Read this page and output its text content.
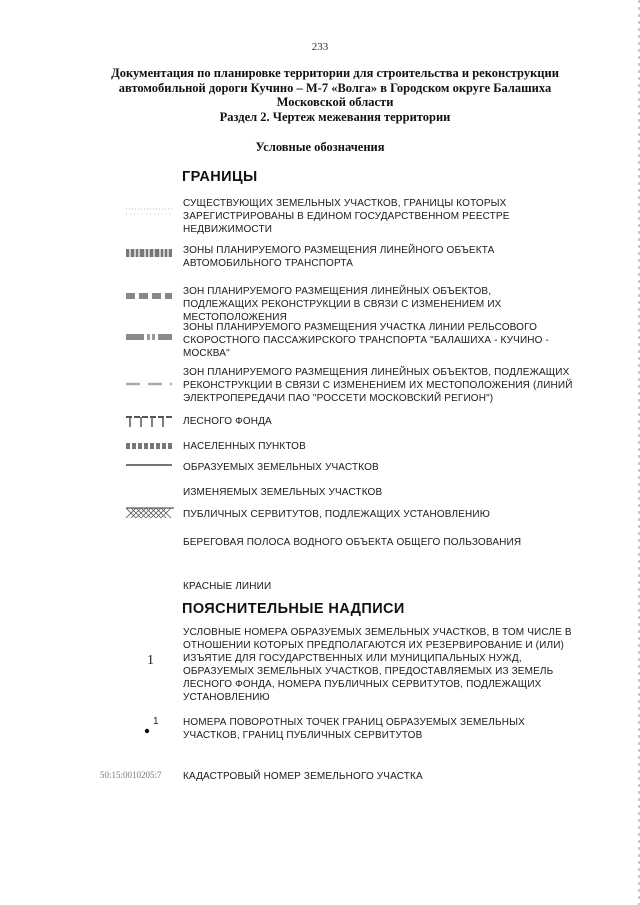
233
Документация по планировке территории для строительства и реконструкции
автомобильной дороги Кучино – М-7 «Волга» в Городском округе Балашиха
Московской области
Раздел 2. Чертеж межевания территории
Условные обозначения
ГРАНИЦЫ
СУЩЕСТВУЮЩИХ ЗЕМЕЛЬНЫХ УЧАСТКОВ, ГРАНИЦЫ КОТОРЫХ ЗАРЕГИСТРИРОВАНЫ В ЕДИНОМ ГОСУДАРСТВЕННОМ РЕЕСТРЕ НЕДВИЖИМОСТИ
ЗОНЫ ПЛАНИРУЕМОГО РАЗМЕЩЕНИЯ ЛИНЕЙНОГО ОБЪЕКТА АВТОМОБИЛЬНОГО ТРАНСПОРТА
ЗОН ПЛАНИРУЕМОГО РАЗМЕЩЕНИЯ ЛИНЕЙНЫХ ОБЪЕКТОВ, ПОДЛЕЖАЩИХ РЕКОНСТРУКЦИИ В СВЯЗИ С ИЗМЕНЕНИЕМ ИХ МЕСТОПОЛОЖЕНИЯ
ЗОНЫ ПЛАНИРУЕМОГО РАЗМЕЩЕНИЯ УЧАСТКА ЛИНИИ РЕЛЬСОВОГО СКОРОСТНОГО ПАССАЖИРСКОГО ТРАНСПОРТА "БАЛАШИХА - КУЧИНО - МОСКВА"
ЗОН ПЛАНИРУЕМОГО РАЗМЕЩЕНИЯ ЛИНЕЙНЫХ ОБЪЕКТОВ, ПОДЛЕЖАЩИХ РЕКОНСТРУКЦИИ В СВЯЗИ С ИЗМЕНЕНИЕМ ИХ МЕСТОПОЛОЖЕНИЯ (ЛИНИЙ ЭЛЕКТРОПЕРЕДАЧИ ПАО "РОССЕТИ МОСКОВСКИЙ РЕГИОН")
ЛЕСНОГО ФОНДА
НАСЕЛЕННЫХ ПУНКТОВ
ОБРАЗУЕМЫХ ЗЕМЕЛЬНЫХ УЧАСТКОВ
ИЗМЕНЯЕМЫХ ЗЕМЕЛЬНЫХ УЧАСТКОВ
ПУБЛИЧНЫХ СЕРВИТУТОВ, ПОДЛЕЖАЩИХ УСТАНОВЛЕНИЮ
БЕРЕГОВАЯ ПОЛОСА ВОДНОГО ОБЪЕКТА ОБЩЕГО ПОЛЬЗОВАНИЯ
КРАСНЫЕ ЛИНИИ
ПОЯСНИТЕЛЬНЫЕ НАДПИСИ
1
УСЛОВНЫЕ НОМЕРА ОБРАЗУЕМЫХ ЗЕМЕЛЬНЫХ УЧАСТКОВ, В ТОМ ЧИСЛЕ В ОТНОШЕНИИ КОТОРЫХ ПРЕДПОЛАГАЮТСЯ ИХ РЕЗЕРВИРОВАНИЕ И (ИЛИ) ИЗЪЯТИЕ ДЛЯ ГОСУДАРСТВЕННЫХ ИЛИ МУНИЦИПАЛЬНЫХ НУЖД, ОБРАЗУЕМЫХ ЗЕМЕЛЬНЫХ УЧАСТКОВ, ПРЕДОСТАВЛЯЕМЫХ ИЗ ЗЕМЕЛЬ ЛЕСНОГО ФОНДА, НОМЕРА ПУБЛИЧНЫХ СЕРВИТУТОВ, ПОДЛЕЖАЩИХ УСТАНОВЛЕНИЮ
1 НОМЕРА ПОВОРОТНЫХ ТОЧЕК ГРАНИЦ ОБРАЗУЕМЫХ ЗЕМЕЛЬНЫХ УЧАСТКОВ, ГРАНИЦ ПУБЛИЧНЫХ СЕРВИТУТОВ
50:15:0010205:7 КАДАСТРОВЫЙ НОМЕР ЗЕМЕЛЬНОГО УЧАСТКА
